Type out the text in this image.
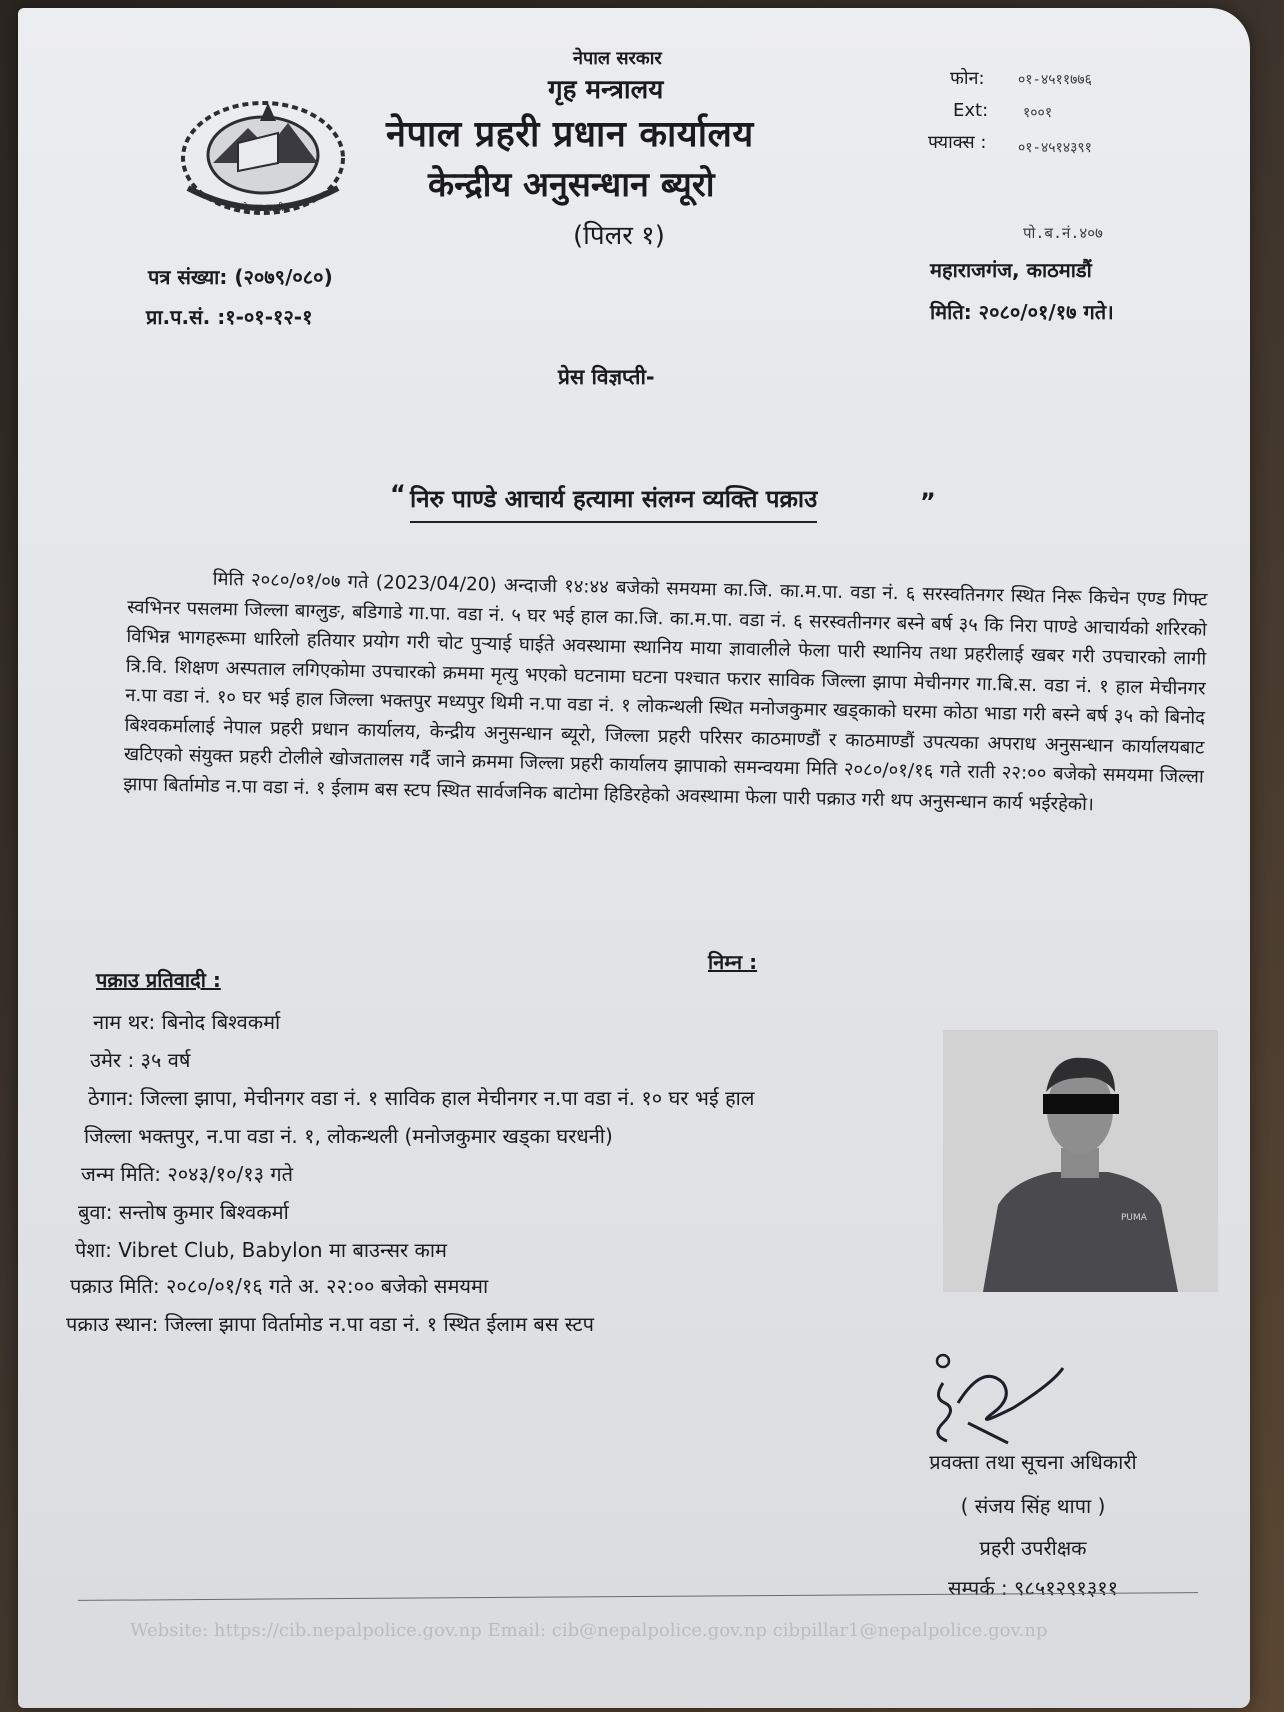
नेपाल प्रहरी
नेपाल सरकार
गृह मन्त्रालय
नेपाल प्रहरी प्रधान कार्यालय
केन्द्रीय अनुसन्धान ब्यूरो
(पिलर १)
फोन: ०१-४५११७७६
Ext: १००१
फ्याक्स : ०१-४५१४३९१
पो.ब.नं.४०७
महाराजगंज, काठमाडौं
मिति: २०८०/०१/१७ गते।
पत्र संख्या: (२०७९/०८०)
प्रा.प.सं. :१-०१-१२-१
प्रेस विज्ञप्ती-
“ निरु पाण्डे आचार्य हत्यामा संलग्न व्यक्ति पक्राउ	”
मिति २०८०/०१/०७ गते (2023/04/20) अन्दाजी १४:४४ बजेको समयमा का.जि. का.म.पा. वडा नं. ६ सरस्वतिनगर स्थित निरू किचेन एण्ड गिफ्ट स्वभिनर पसलमा जिल्ला बाग्लुङ, बडिगाडे गा.पा. वडा नं. ५ घर भई हाल का.जि. का.म.पा. वडा नं. ६ सरस्वतीनगर बस्ने बर्ष ३५ कि निरा पाण्डे आचार्यको शरिरको विभिन्न भागहरूमा धारिलो हतियार प्रयोग गरी चोट पुऱ्याई घाईते अवस्थामा स्थानिय माया ज्ञावालीले फेला पारी स्थानिय तथा प्रहरीलाई खबर गरी उपचारको लागी त्रि.वि. शिक्षण अस्पताल लगिएकोमा उपचारको क्रममा मृत्यु भएको घटनामा घटना पश्चात फरार साविक जिल्ला झापा मेचीनगर गा.बि.स. वडा नं. १ हाल मेचीनगर न.पा वडा नं. १० घर भई हाल जिल्ला भक्तपुर मध्यपुर थिमी न.पा वडा नं. १ लोकन्थली स्थित मनोजकुमार खड्काको घरमा कोठा भाडा गरी बस्ने बर्ष ३५ को बिनोद बिश्वकर्मालाई नेपाल प्रहरी प्रधान कार्यालय, केन्द्रीय अनुसन्धान ब्यूरो, जिल्ला प्रहरी परिसर काठमाण्डौं र काठमाण्डौं उपत्यका अपराध अनुसन्धान कार्यालयबाट खटिएको संयुक्त प्रहरी टोलीले खोजतालस गर्दै जाने क्रममा जिल्ला प्रहरी कार्यालय झापाको समन्वयमा मिति २०८०/०१/१६ गते राती २२:०० बजेको समयमा जिल्ला झापा बिर्तामोड न.पा वडा नं. १ ईलाम बस स्टप स्थित सार्वजनिक बाटोमा हिडिरहेको अवस्थामा फेला पारी पक्राउ गरी थप अनुसन्धान कार्य भईरहेको।
निम्न :
पक्राउ प्रतिवादी :
नाम थर: बिनोद बिश्वकर्मा
उमेर : ३५ वर्ष
ठेगान: जिल्ला झापा, मेचीनगर वडा नं. १ साविक हाल मेचीनगर न.पा वडा नं. १० घर भई हाल
जिल्ला भक्तपुर, न.पा वडा नं. १, लोकन्थली (मनोजकुमार खड्का घरधनी)
जन्म मिति: २०४३/१०/१३ गते
बुवा: सन्तोष कुमार बिश्वकर्मा
पेशा: Vibret Club, Babylon मा बाउन्सर काम
पक्राउ मिति: २०८०/०१/१६ गते अ. २२:०० बजेको समयमा
पक्राउ स्थान: जिल्ला झापा विर्तामोड न.पा वडा नं. १ स्थित ईलाम बस स्टप
PUMA
प्रवक्ता तथा सूचना अधिकारी
( संजय सिंह थापा )
प्रहरी उपरीक्षक
सम्पर्क : ९८५१२९१३११
Website: https://cib.nepalpolice.gov.np Email: cib@nepalpolice.gov.np cibpillar1@nepalpolice.gov.np
